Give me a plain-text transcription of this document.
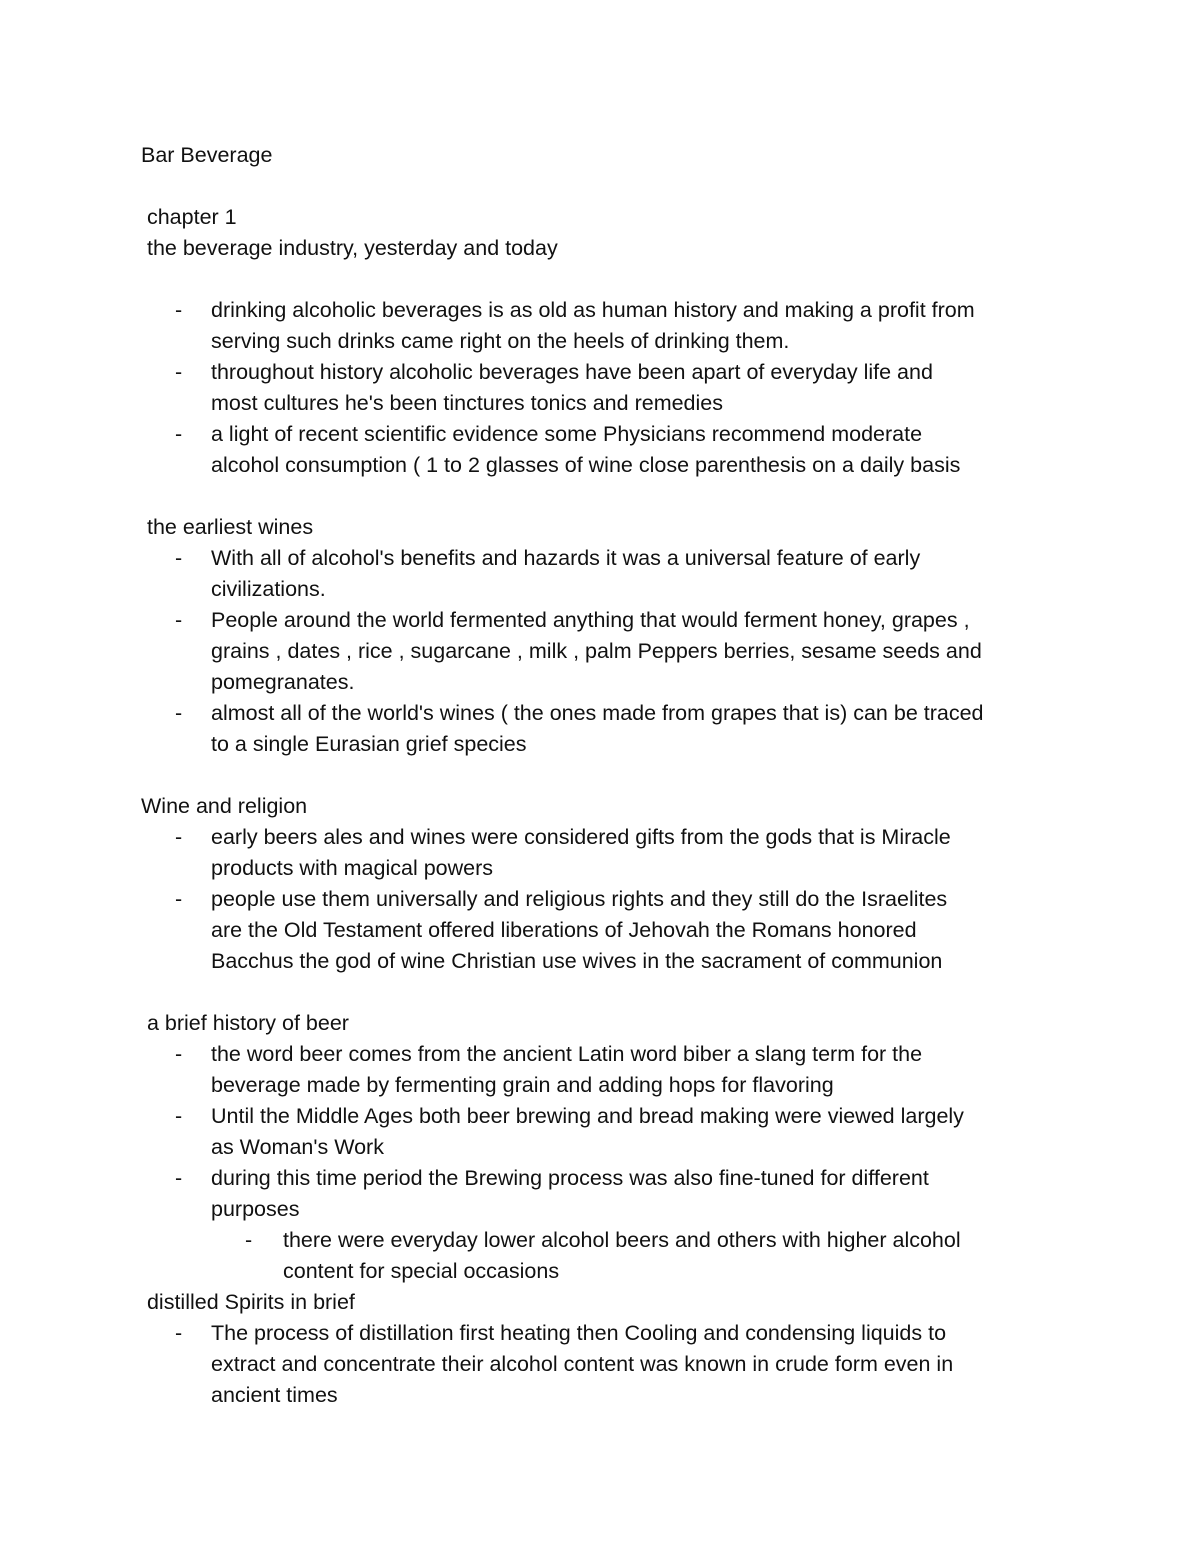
Bar Beverage
chapter 1
the beverage industry, yesterday and today
- drinking alcoholic beverages is as old as human history and making a profit from
serving such drinks came right on the heels of drinking them.
- throughout history alcoholic beverages have been apart of everyday life and
most cultures he's been tinctures tonics and remedies
- a light of recent scientific evidence some Physicians recommend moderate
alcohol consumption ( 1 to 2 glasses of wine close parenthesis on a daily basis
the earliest wines
- With all of alcohol's benefits and hazards it was a universal feature of early
civilizations.
- People around the world fermented anything that would ferment honey, grapes ,
grains , dates , rice , sugarcane , milk , palm Peppers berries, sesame seeds and
pomegranates.
- almost all of the world's wines ( the ones made from grapes that is) can be traced
to a single Eurasian grief species
Wine and religion
- early beers ales and wines were considered gifts from the gods that is Miracle
products with magical powers
- people use them universally and religious rights and they still do the Israelites
are the Old Testament offered liberations of Jehovah the Romans honored
Bacchus the god of wine Christian use wives in the sacrament of communion
a brief history of beer
- the word beer comes from the ancient Latin word biber a slang term for the
beverage made by fermenting grain and adding hops for flavoring
- Until the Middle Ages both beer brewing and bread making were viewed largely
as Woman's Work
- during this time period the Brewing process was also fine-tuned for different
purposes
- there were everyday lower alcohol beers and others with higher alcohol
content for special occasions
distilled Spirits in brief
- The process of distillation first heating then Cooling and condensing liquids to
extract and concentrate their alcohol content was known in crude form even in
ancient times
